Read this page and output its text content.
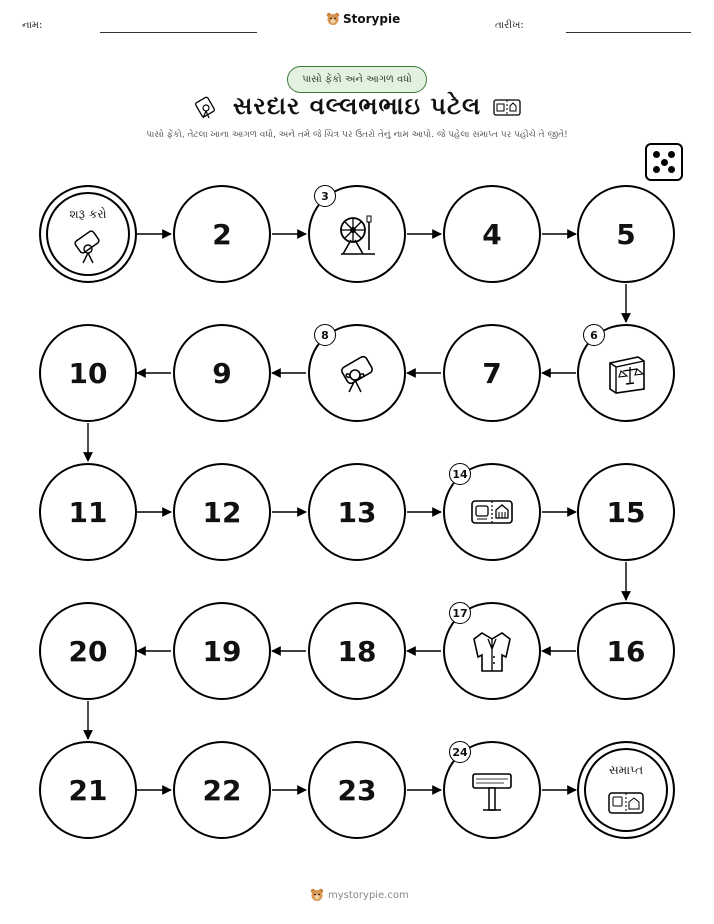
નામ:	Storypie	તારીખ:
પાસો ફેંકો અને આગળ વધો
સરદાર વલ્લભભાઇ પટેલ
પાસો ફેંકો, તેટલા ખાના આગળ વધો, અને તમે જે ચિત્ર પર ઉતરો તેનું નામ આપો. જે પહેલા સમાપ્ત પર પહોંચે તે જીતે!
શરૂ કરો
2
3
4	5
10	9
8
7
6
11	12	13
14
15
20	19	18
17
16
21	22	23
24
સમાપ્ત
mystorypie.com
